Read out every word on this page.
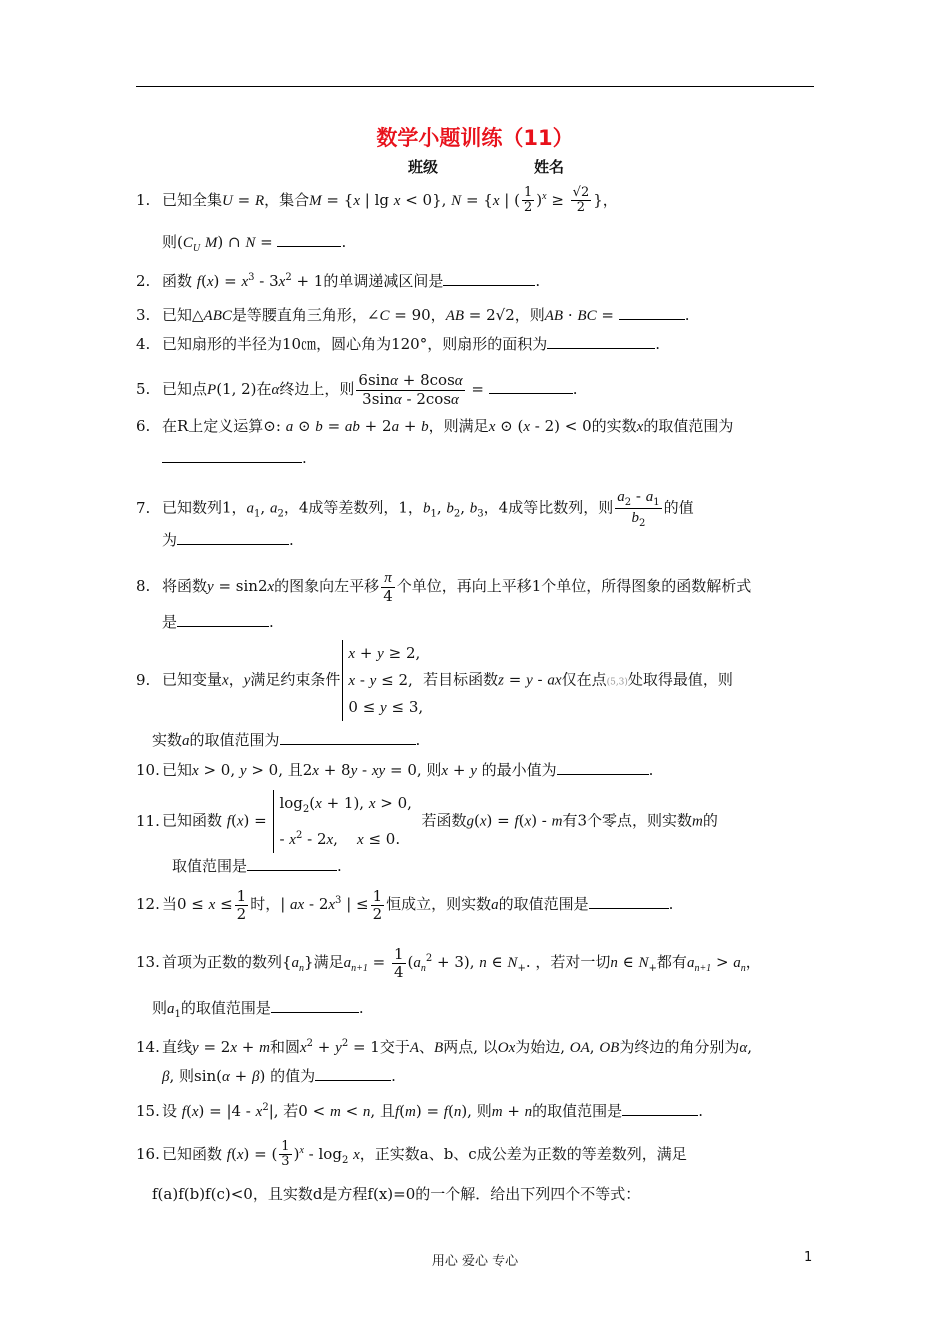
数学小题训练（11）
班级	姓名
1. 已知全集U = R，集合M = {x | lg x < 0}, N = {x | ( $\frac{1}{2} )^x \ge \frac{√2}{2}$ }，
则($C_U$ M) ∩ N =	.
2. 函数 $f(x) = x^3 - 3x^2 + 1$的单调递减区间是	.
3. 已知△ABC是等腰直角三角形，∠C = 90，AB = 2√2，则AB · BC =	.
4. 已知扇形的半径为10㎝，圆心角为120°，则扇形的面积为	.
5. 已知点P(1, 2)在α终边上，则 $\frac{6\sin\alpha + 8\cos\alpha}{3\sin\alpha - 2\cos\alpha}$ =	.
6. 在R上定义运算⊙: a ⊙ b = ab + 2a + b，则满足x ⊙ (x - 2) < 0的实数x的取值范围为
.
7. 已知数列1，$a_1$, $a_2$，4成等差数列，1，$b_1$, $b_2$, $b_3$，4成等比数列，则 $\frac{a_2 - a_1}{b_2}$ 的值
为	.
8. 将函数y = sin2x的图象向左平移 $\frac{\pi}{4}$ 个单位，再向上平移1个单位，所得图象的函数解析式
是	.
9. 已知变量x，y满足约束条件x + y ≥ 2,
x - y ≤ 2,
0 ≤ y ≤ 3,若目标函数z = y - ax仅在点(5,3)处取得最值，则
实数a的取值范围为	.
10. 已知x > 0, y > 0, 且2x + 8y - xy = 0, 则x + y 的最小值为	.
11. 已知函数 $f(x) = \log_2(x + 1)$, x > 0,
- $x^2 - 2x$,    x ≤ 0.  若函数g(x) = f(x) - m有3个零点，则实数m的
取值范围是	.
12. 当$0 \le x \le \frac{1}{2}$ 时，| ax - $2x^3$ | ≤ $\frac{1}{2}$ 恒成立，则实数a的取值范围是	.
13. 首项为正数的数列$\{a_n\}$满足$a_{n+1} = \frac{1}{4} (a_n^2 + 3)$, n ∈ $N_+$. ，若对一切n ∈ $N_+$都有$a_{n+1} > a_n$，
则$a_1$的取值范围是	.
14. 直线y = 2x + m和圆$x^2 + y^2 = 1$交于A、B两点, 以Ox为始边, OA, OB为终边的角分别为α,
β, 则sin(α + β) 的值为	.
15. 设 $f(x) = |4 - x^2|$, 若0 < m < n, 且f(m) = f(n), 则m + n的取值范围是	.
16. 已知函数 f(x) = ( $\frac{1}{3} )^x - \log_2 x$，正实数a、b、c成公差为正数的等差数列，满足
f(a)f(b)f(c)<0，且实数d是方程f(x)=0的一个解．给出下列四个不等式：
用心 爱心 专心	1
